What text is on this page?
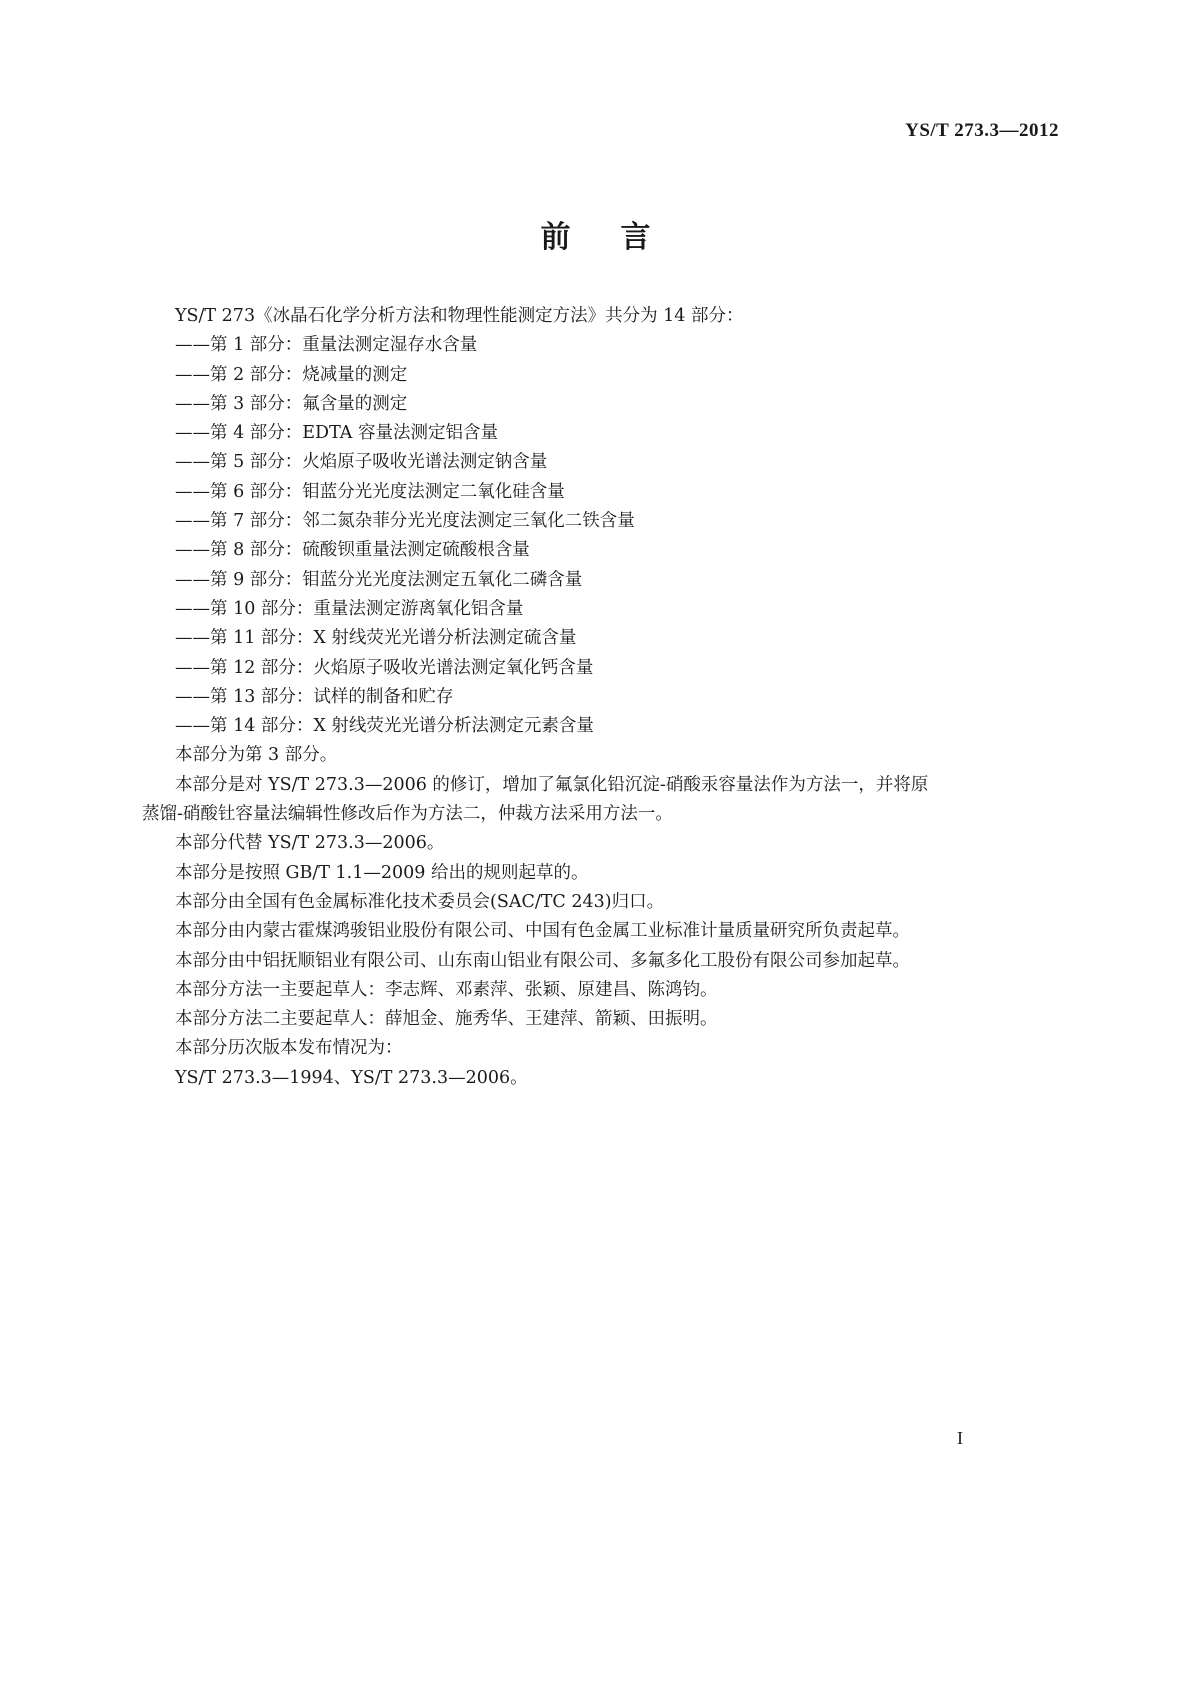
YS/T 273.3—2012

前言

YS/T 273《冰晶石化学分析方法和物理性能测定方法》共分为 14 部分：

——第 1 部分：重量法测定湿存水含量
——第 2 部分：烧减量的测定
——第 3 部分：氟含量的测定
——第 4 部分：EDTA 容量法测定铝含量
——第 5 部分：火焰原子吸收光谱法测定钠含量
——第 6 部分：钼蓝分光光度法测定二氧化硅含量
——第 7 部分：邻二氮杂菲分光光度法测定三氧化二铁含量
——第 8 部分：硫酸钡重量法测定硫酸根含量
——第 9 部分：钼蓝分光光度法测定五氧化二磷含量
——第 10 部分：重量法测定游离氧化铝含量
——第 11 部分：X 射线荧光光谱分析法测定硫含量
——第 12 部分：火焰原子吸收光谱法测定氧化钙含量
——第 13 部分：试样的制备和贮存
——第 14 部分：X 射线荧光光谱分析法测定元素含量

本部分为第 3 部分。

本部分是对 YS/T 273.3—2006 的修订，增加了氟氯化铅沉淀-硝酸汞容量法作为方法一，并将原
蒸馏-硝酸钍容量法编辑性修改后作为方法二，仲裁方法采用方法一。

本部分代替 YS/T 273.3—2006。

本部分是按照 GB/T 1.1—2009 给出的规则起草的。

本部分由全国有色金属标准化技术委员会(SAC/TC 243)归口。

本部分由内蒙古霍煤鸿骏铝业股份有限公司、中国有色金属工业标准计量质量研究所负责起草。

本部分由中铝抚顺铝业有限公司、山东南山铝业有限公司、多氟多化工股份有限公司参加起草。

本部分方法一主要起草人：李志辉、邓素萍、张颖、原建昌、陈鸿钧。

本部分方法二主要起草人：薛旭金、施秀华、王建萍、箭颖、田振明。

本部分历次版本发布情况为：

YS/T 273.3—1994、YS/T 273.3—2006。

I
